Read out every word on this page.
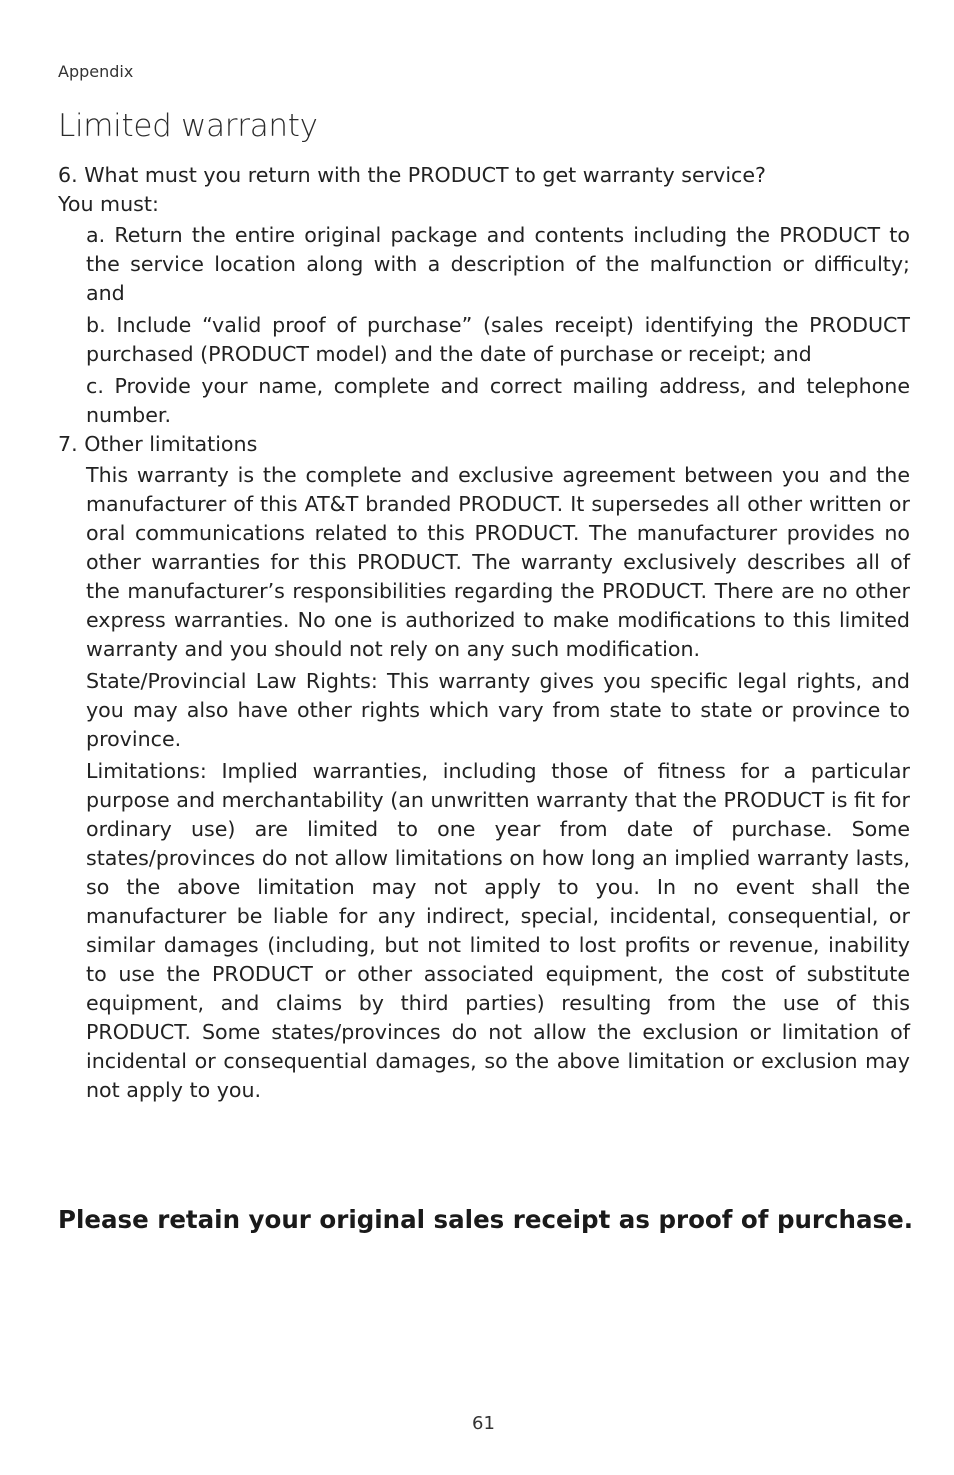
Appendix
Limited warranty

6. What must you return with the PRODUCT to get warranty service?

You must:

a. Return the entire original package and contents including the PRODUCT to the service location along with a description of the malfunction or difficulty; and

b. Include “valid proof of purchase” (sales receipt) identifying the PRODUCT purchased (PRODUCT model) and the date of purchase or receipt; and

c. Provide your name, complete and correct mailing address, and telephone number.

7. Other limitations

This warranty is the complete and exclusive agreement between you and the manufacturer of this AT&T branded PRODUCT. It supersedes all other written or oral communications related to this PRODUCT. The manufacturer provides no other warranties for this PRODUCT. The warranty exclusively describes all of the manufacturer’s responsibilities regarding the PRODUCT. There are no other express warranties. No one is authorized to make modifications to this limited warranty and you should not rely on any such modification.

State/Provincial Law Rights: This warranty gives you specific legal rights, and you may also have other rights which vary from state to state or province to province.

Limitations: Implied warranties, including those of fitness for a particular purpose and merchantability (an unwritten warranty that the PRODUCT is fit for ordinary use) are limited to one year from date of purchase. Some states/provinces do not allow limitations on how long an implied warranty lasts, so the above limitation may not apply to you. In no event shall the manufacturer be liable for any indirect, special, incidental, consequential, or similar damages (including, but not limited to lost profits or revenue, inability to use the PRODUCT or other associated equipment, the cost of substitute equipment, and claims by third parties) resulting from the use of this PRODUCT. Some states/provinces do not allow the exclusion or limitation of incidental or consequential damages, so the above limitation or exclusion may not apply to you.

Please retain your original sales receipt as proof of purchase.

61
